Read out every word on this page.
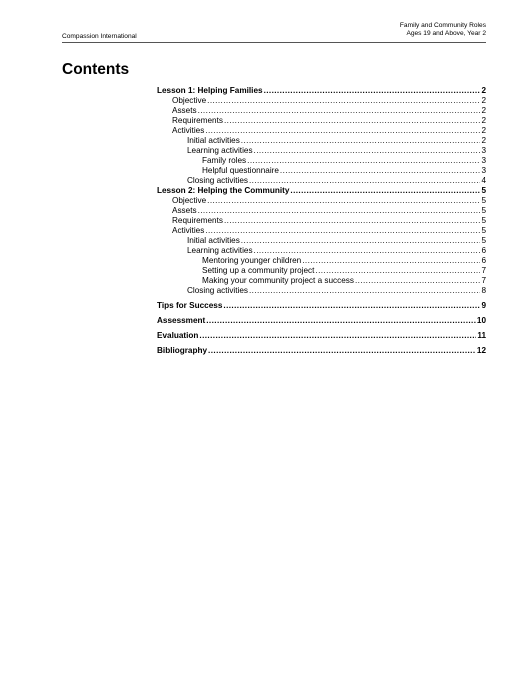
Compassion International
Family and Community Roles
Ages 19 and Above, Year 2
Contents
Lesson 1: Helping Families .....	2
Objective .....	2
Assets .....	2
Requirements .....	2
Activities .....	2
Initial activities .....	2
Learning activities .....	3
Family roles .....	3
Helpful questionnaire .....	3
Closing activities .....	4
Lesson 2: Helping the Community .....	5
Objective .....	5
Assets .....	5
Requirements .....	5
Activities .....	5
Initial activities .....	5
Learning activities .....	6
Mentoring younger children .....	6
Setting up a community project .....	7
Making your community project a success .....	7
Closing activities .....	8
Tips for Success .....	9
Assessment .....	10
Evaluation .....	11
Bibliography .....	12
